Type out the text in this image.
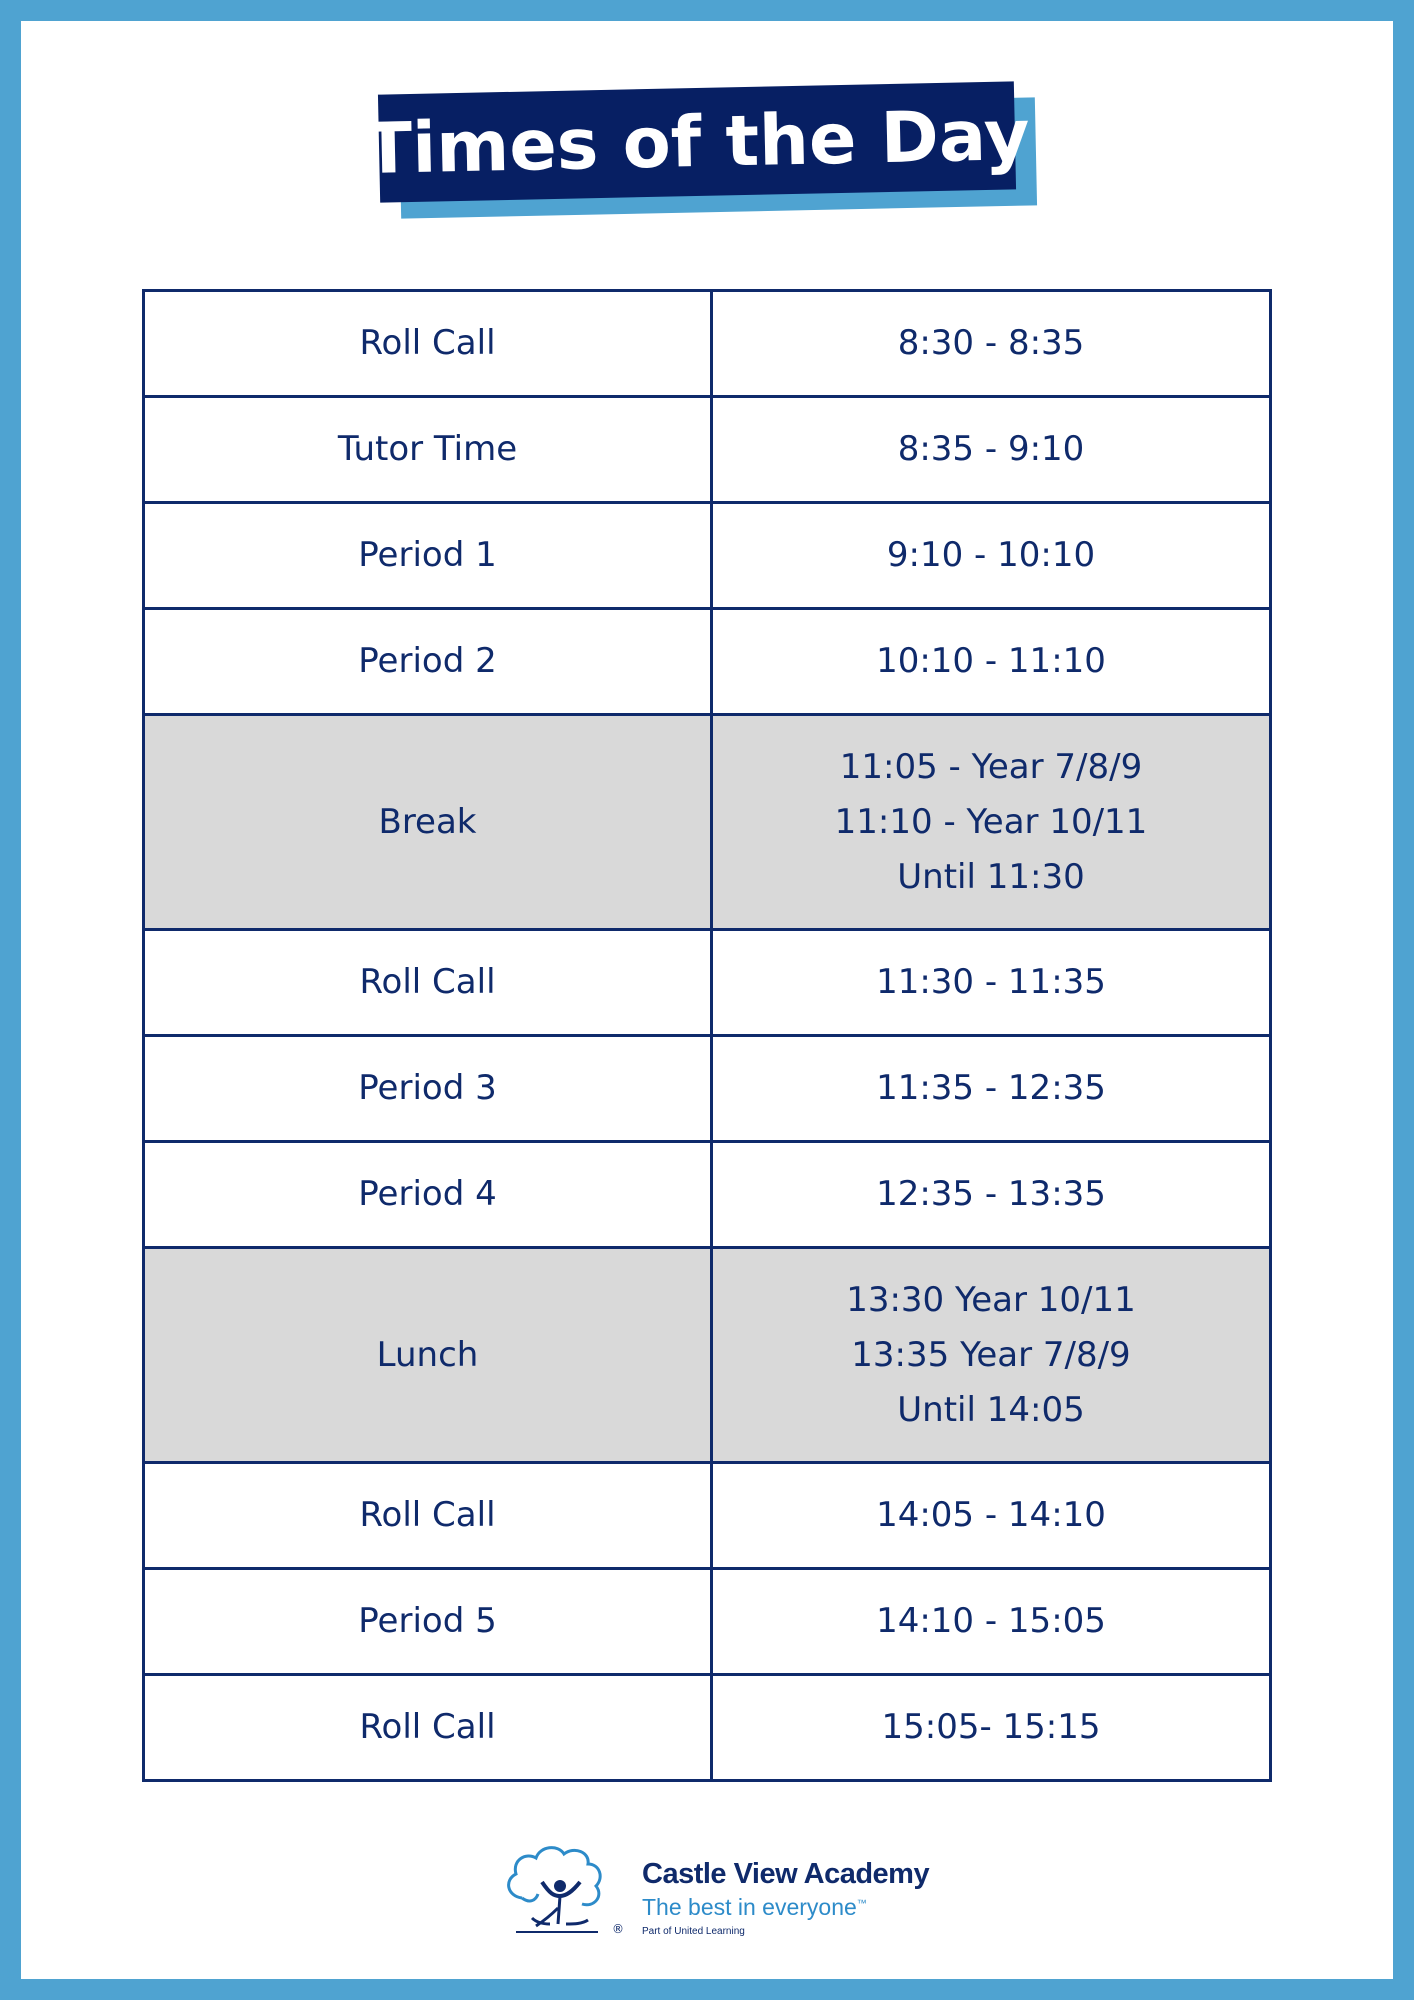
Times of the Day
Roll Call	8:30 - 8:35

Tutor Time	8:35 - 9:10

Period 1	9:10 - 10:10

Period 2	10:10 - 11:10

Break	11:05 - Year 7/8/9
11:10 - Year 10/11
Until 11:30

Roll Call	11:30 - 11:35

Period 3	11:35 - 12:35

Period 4	12:35 - 13:35

Lunch	13:30 Year 10/11
13:35 Year 7/8/9
Until 14:05

Roll Call	14:05 - 14:10

Period 5	14:10 - 15:05

Roll Call	15:05- 15:15
®
Castle View Academy
The best in everyone™
Part of United Learning
